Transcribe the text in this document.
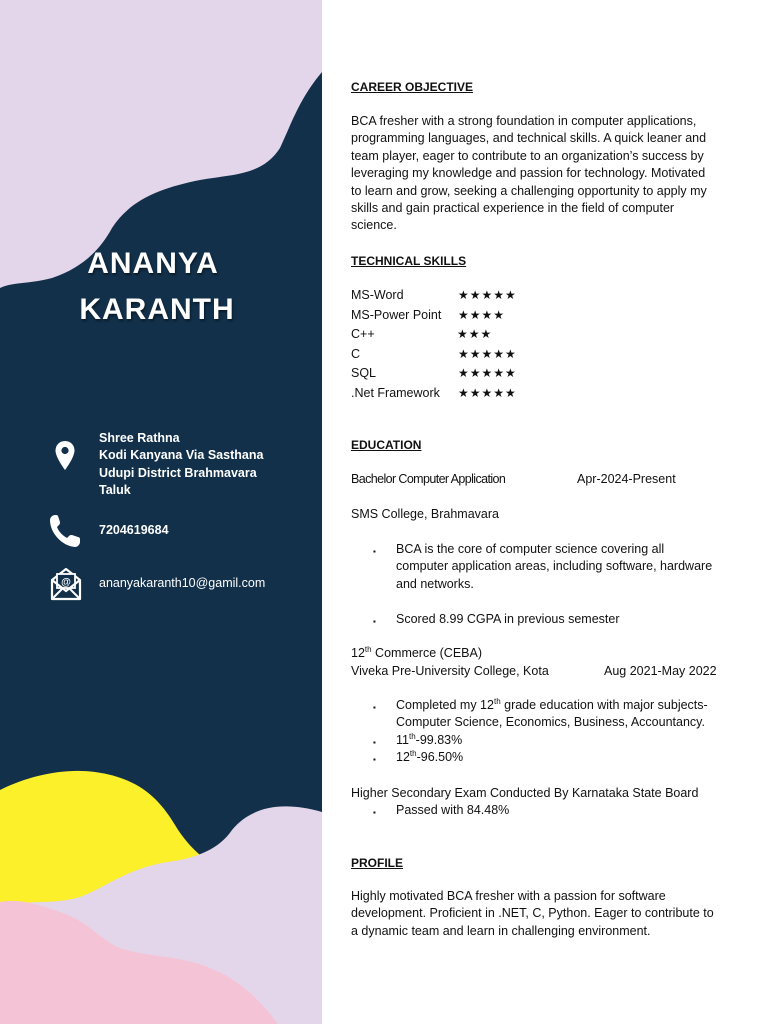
ANANYA
KARANTH
Shree Rathna
Kodi Kanyana Via Sasthana
Udupi District Brahmavara
Taluk
7204619684
@ ananyakaranth10@gamil.com
CAREER OBJECTIVE
BCA fresher with a strong foundation in computer applications,
programming languages, and technical skills. A quick leaner and
team player, eager to contribute to an organization’s success by
leveraging my knowledge and passion for technology. Motivated
to learn and grow, seeking a challenging opportunity to apply my
skills and gain practical experience in the field of computer
science.
TECHNICAL SKILLS
MS-Word	★★★★★
MS-Power Point ★★★★
C++	★★★
C	★★★★★
SQL	★★★★★
.Net Framework ★★★★★
EDUCATION
Bachelor Computer Application	Apr-2024-Present
SMS College, Brahmavara
▪ BCA is the core of computer science covering all
computer application areas, including software, hardware
and networks.
▪ Scored 8.99 CGPA in previous semester
12th Commerce (CEBA)
Viveka Pre-University College, Kota	Aug 2021-May 2022
▪ Completed my 12th grade education with major subjects-
Computer Science, Economics, Business, Accountancy.
▪ 11th-99.83%
▪ 12th-96.50%
Higher Secondary Exam Conducted By Karnataka State Board
▪ Passed with 84.48%
PROFILE
Highly motivated BCA fresher with a passion for software
development. Proficient in .NET, C, Python. Eager to contribute to
a dynamic team and learn in challenging environment.
